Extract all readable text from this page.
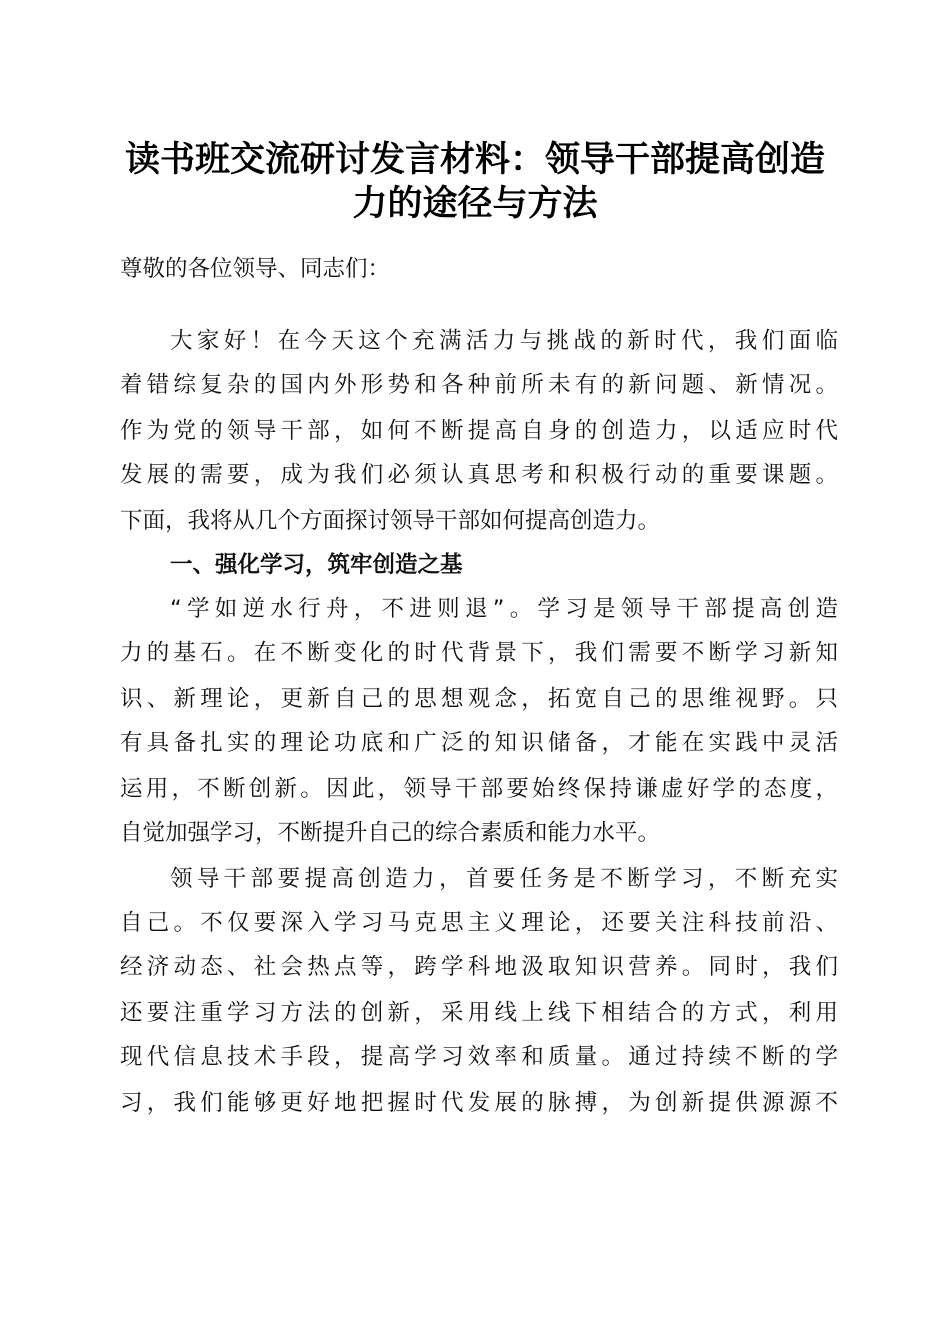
读书班交流研讨发言材料：领导干部提高创造
力的途径与方法
尊敬的各位领导、同志们：
大家好！在今天这个充满活力与挑战的新时代，我们面临
着错综复杂的国内外形势和各种前所未有的新问题、新情况。
作为党的领导干部，如何不断提高自身的创造力，以适应时代
发展的需要，成为我们必须认真思考和积极行动的重要课题。
下面，我将从几个方面探讨领导干部如何提高创造力。
一、强化学习，筑牢创造之基
“学如逆水行舟，不进则退”。学习是领导干部提高创造
力的基石。在不断变化的时代背景下，我们需要不断学习新知
识、新理论，更新自己的思想观念，拓宽自己的思维视野。只
有具备扎实的理论功底和广泛的知识储备，才能在实践中灵活
运用，不断创新。因此，领导干部要始终保持谦虚好学的态度，
自觉加强学习，不断提升自己的综合素质和能力水平。
领导干部要提高创造力，首要任务是不断学习，不断充实
自己。不仅要深入学习马克思主义理论，还要关注科技前沿、
经济动态、社会热点等，跨学科地汲取知识营养。同时，我们
还要注重学习方法的创新，采用线上线下相结合的方式，利用
现代信息技术手段，提高学习效率和质量。通过持续不断的学
习，我们能够更好地把握时代发展的脉搏，为创新提供源源不
